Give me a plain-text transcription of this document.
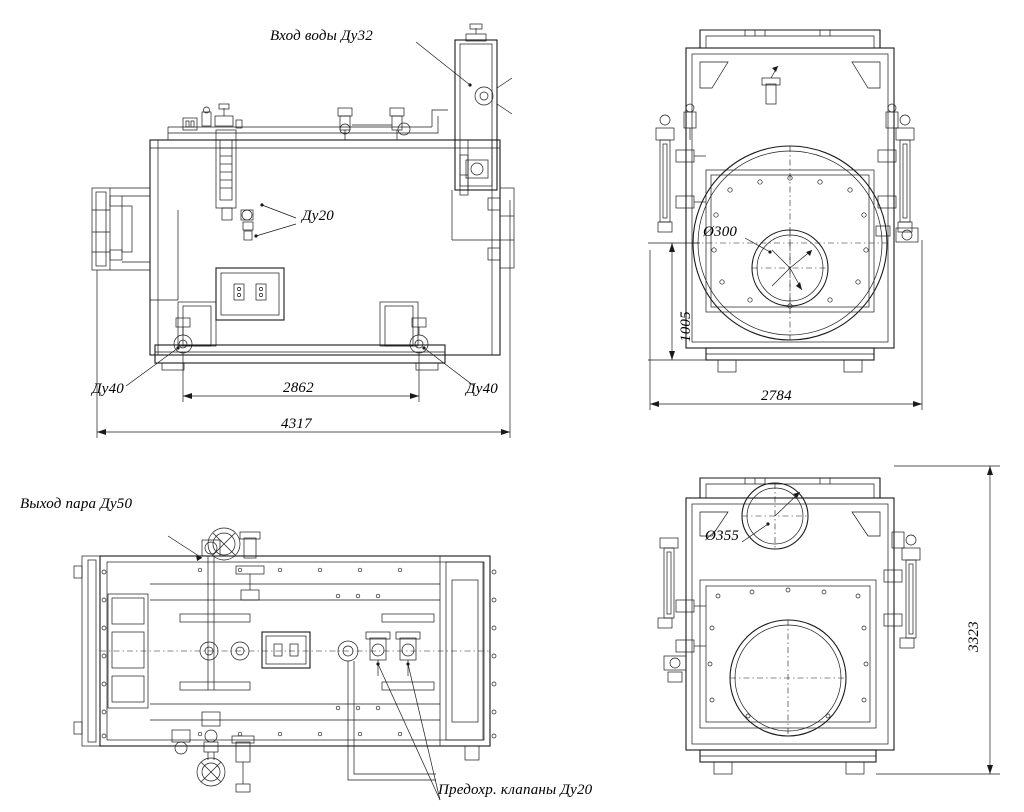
Вход воды Ду32
Ду20
Ду40	Ду40
2862
4317
Ø300
1005
2784
Выход пара Ду50
Ø355
3323
Предохр. клапаны Ду20
